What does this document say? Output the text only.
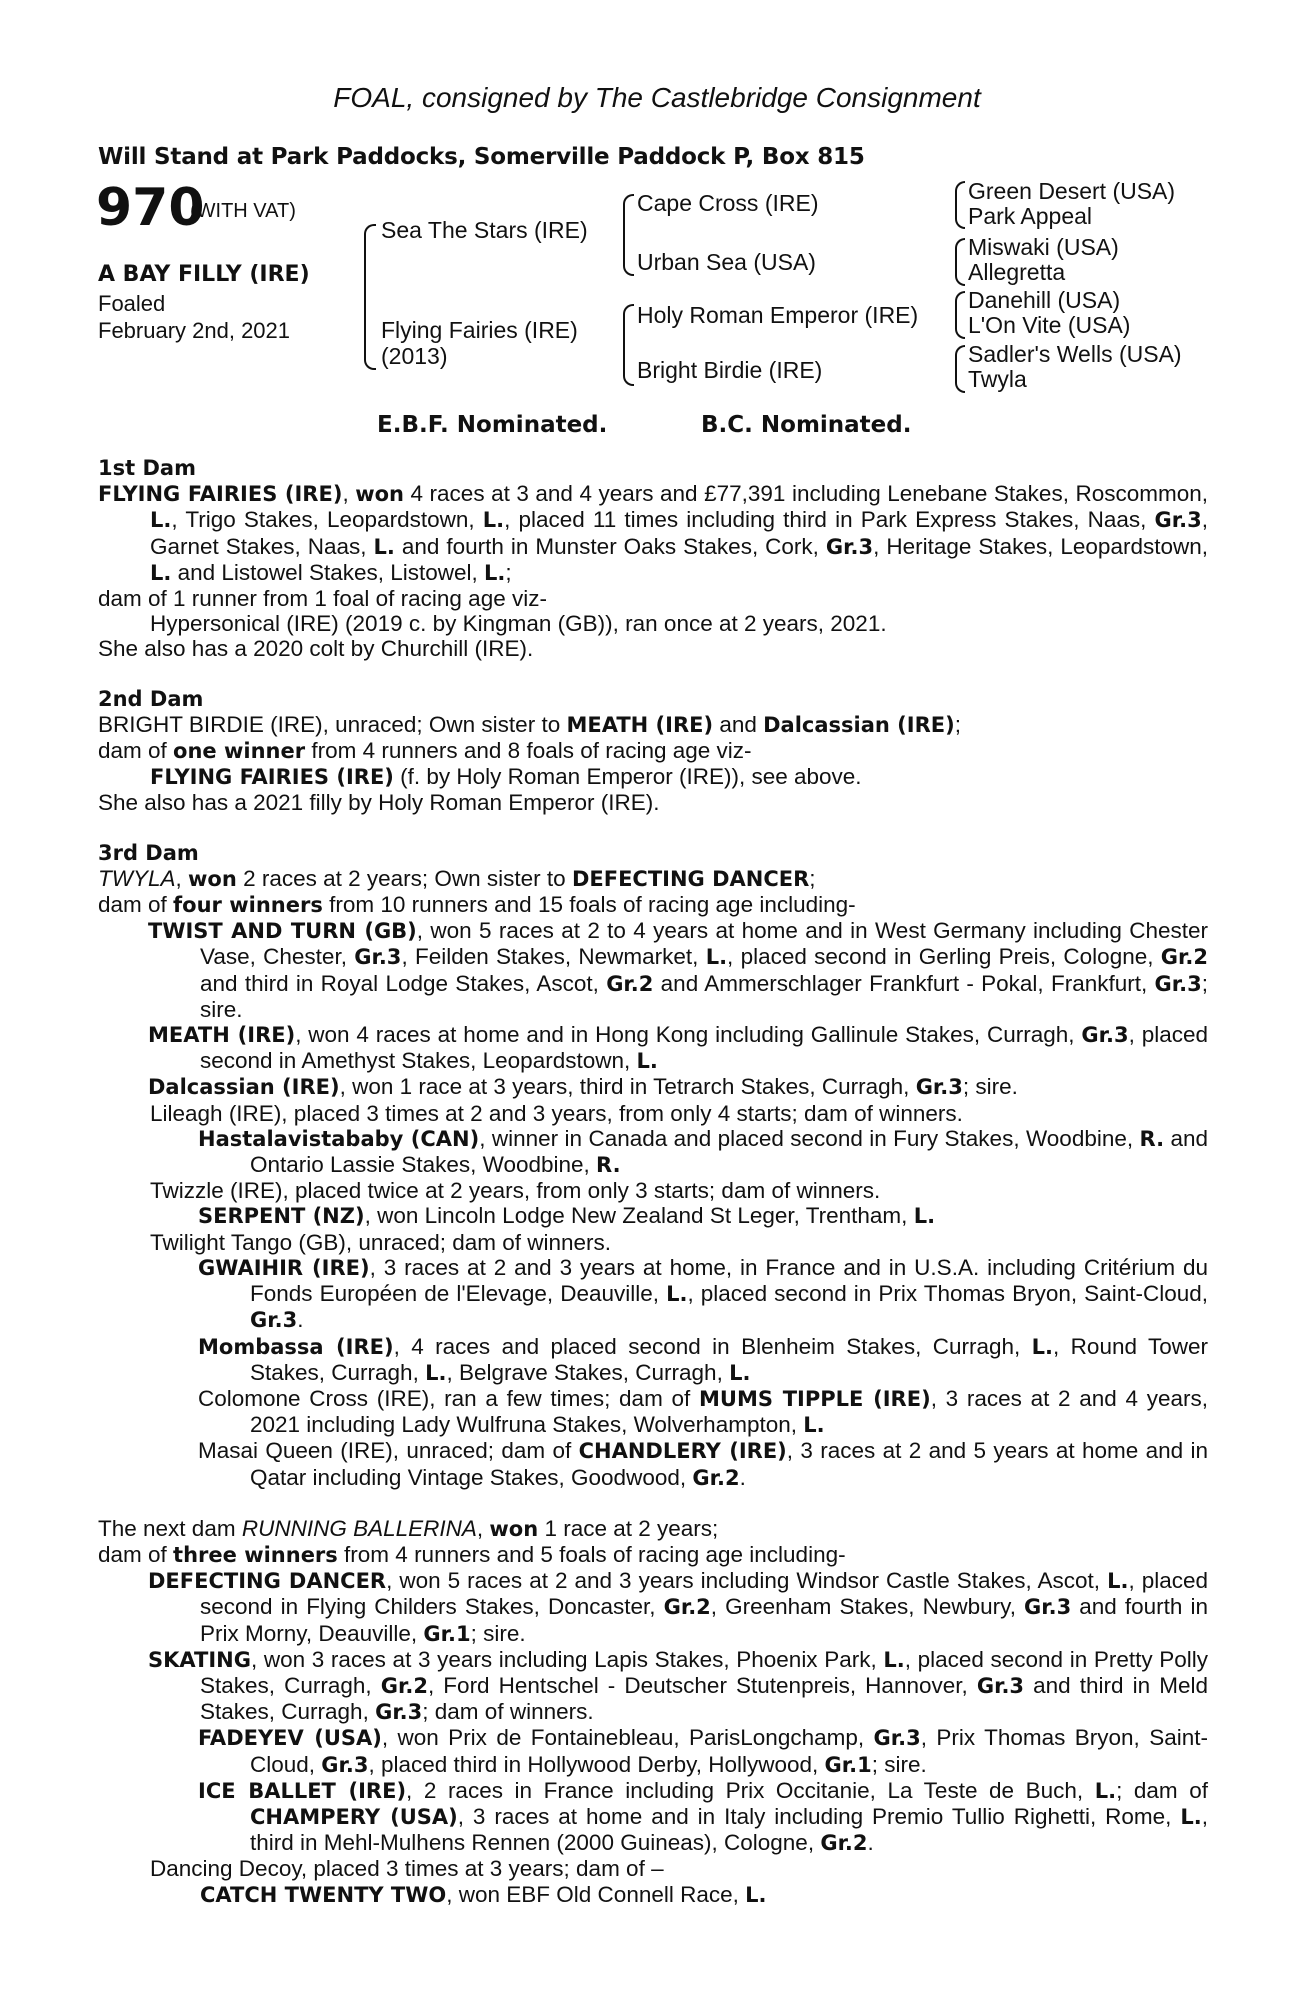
FOAL, consigned by The Castlebridge Consignment
Will Stand at Park Paddocks, Somerville Paddock P, Box 815
970
(WITH VAT)
A BAY FILLY (IRE)
Foaled
February 2nd, 2021
Sea The Stars (IRE)
Flying Fairies (IRE)
(2013)
Cape Cross (IRE)
Urban Sea (USA)
Holy Roman Emperor (IRE)
Bright Birdie (IRE)
Green Desert (USA)
Park Appeal
Miswaki (USA)
Allegretta
Danehill (USA)
L'On Vite (USA)
Sadler's Wells (USA)
Twyla
E.B.F. Nominated.	B.C. Nominated.

1st Dam

FLYING FAIRIES (IRE), won 4 races at 3 and 4 years and £77,391 including Lenebane Stakes, Roscommon, L., Trigo Stakes, Leopardstown, L., placed 11 times including third in Park Express Stakes, Naas, Gr.3, Garnet Stakes, Naas, L. and fourth in Munster Oaks Stakes, Cork, Gr.3, Heritage Stakes, Leopardstown, L. and Listowel Stakes, Listowel, L.;

dam of 1 runner from 1 foal of racing age viz-

Hypersonical (IRE) (2019 c. by Kingman (GB)), ran once at 2 years, 2021.

She also has a 2020 colt by Churchill (IRE).

2nd Dam

BRIGHT BIRDIE (IRE), unraced; Own sister to MEATH (IRE) and Dalcassian (IRE);

dam of one winner from 4 runners and 8 foals of racing age viz-

FLYING FAIRIES (IRE) (f. by Holy Roman Emperor (IRE)), see above.

She also has a 2021 filly by Holy Roman Emperor (IRE).

3rd Dam

TWYLA, won 2 races at 2 years; Own sister to DEFECTING DANCER;

dam of four winners from 10 runners and 15 foals of racing age including-

TWIST AND TURN (GB), won 5 races at 2 to 4 years at home and in West Germany including Chester Vase, Chester, Gr.3, Feilden Stakes, Newmarket, L., placed second in Gerling Preis, Cologne, Gr.2 and third in Royal Lodge Stakes, Ascot, Gr.2 and Ammerschlager Frankfurt - Pokal, Frankfurt, Gr.3; sire.

MEATH (IRE), won 4 races at home and in Hong Kong including Gallinule Stakes, Curragh, Gr.3, placed second in Amethyst Stakes, Leopardstown, L.

Dalcassian (IRE), won 1 race at 3 years, third in Tetrarch Stakes, Curragh, Gr.3; sire.

Lileagh (IRE), placed 3 times at 2 and 3 years, from only 4 starts; dam of winners.

Hastalavistababy (CAN), winner in Canada and placed second in Fury Stakes, Woodbine, R. and Ontario Lassie Stakes, Woodbine, R.

Twizzle (IRE), placed twice at 2 years, from only 3 starts; dam of winners.

SERPENT (NZ), won Lincoln Lodge New Zealand St Leger, Trentham, L.

Twilight Tango (GB), unraced; dam of winners.

GWAIHIR (IRE), 3 races at 2 and 3 years at home, in France and in U.S.A. including Critérium du Fonds Européen de l'Elevage, Deauville, L., placed second in Prix Thomas Bryon, Saint-Cloud, Gr.3.

Mombassa (IRE), 4 races and placed second in Blenheim Stakes, Curragh, L., Round Tower Stakes, Curragh, L., Belgrave Stakes, Curragh, L.

Colomone Cross (IRE), ran a few times; dam of MUMS TIPPLE (IRE), 3 races at 2 and 4 years, 2021 including Lady Wulfruna Stakes, Wolverhampton, L.

Masai Queen (IRE), unraced; dam of CHANDLERY (IRE), 3 races at 2 and 5 years at home and in Qatar including Vintage Stakes, Goodwood, Gr.2.

The next dam RUNNING BALLERINA, won 1 race at 2 years;

dam of three winners from 4 runners and 5 foals of racing age including-

DEFECTING DANCER, won 5 races at 2 and 3 years including Windsor Castle Stakes, Ascot, L., placed second in Flying Childers Stakes, Doncaster, Gr.2, Greenham Stakes, Newbury, Gr.3 and fourth in Prix Morny, Deauville, Gr.1; sire.

SKATING, won 3 races at 3 years including Lapis Stakes, Phoenix Park, L., placed second in Pretty Polly Stakes, Curragh, Gr.2, Ford Hentschel - Deutscher Stutenpreis, Hannover, Gr.3 and third in Meld Stakes, Curragh, Gr.3; dam of winners.

FADEYEV (USA), won Prix de Fontainebleau, ParisLongchamp, Gr.3, Prix Thomas Bryon, Saint-Cloud, Gr.3, placed third in Hollywood Derby, Hollywood, Gr.1; sire.

ICE BALLET (IRE), 2 races in France including Prix Occitanie, La Teste de Buch, L.; dam of CHAMPERY (USA), 3 races at home and in Italy including Premio Tullio Righetti, Rome, L., third in Mehl-Mulhens Rennen (2000 Guineas), Cologne, Gr.2.

Dancing Decoy, placed 3 times at 3 years; dam of –

CATCH TWENTY TWO, won EBF Old Connell Race, L.
